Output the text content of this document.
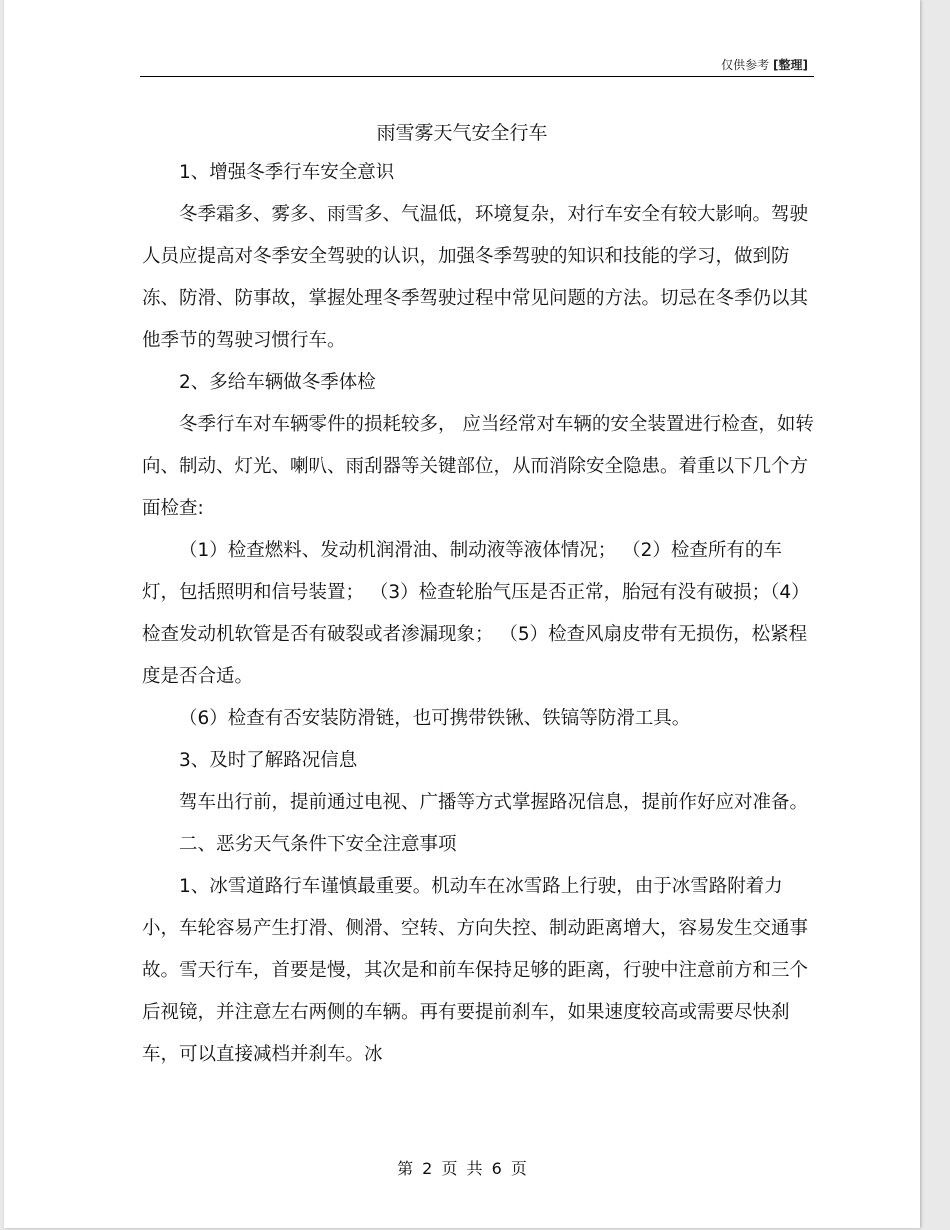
仅供参考 [整理]
雨雪雾天气安全行车

1、增强冬季行车安全意识

冬季霜多、雾多、雨雪多、气温低，环境复杂，对行车安全有较大影响。驾驶人员应提高对冬季安全驾驶的认识，加强冬季驾驶的知识和技能的学习，做到防冻、防滑、防事故，掌握处理冬季驾驶过程中常见问题的方法。切忌在冬季仍以其他季节的驾驶习惯行车。

2、多给车辆做冬季体检

冬季行车对车辆零件的损耗较多， 应当经常对车辆的安全装置进行检查，如转向、制动、灯光、喇叭、雨刮器等关键部位，从而消除安全隐患。着重以下几个方面检查:

（1）检查燃料、发动机润滑油、制动液等液体情况； （2）检查所有的车灯，包括照明和信号装置； （3）检查轮胎气压是否正常，胎冠有没有破损；（4）检查发动机软管是否有破裂或者渗漏现象； （5）检查风扇皮带有无损伤，松紧程度是否合适。

（6）检查有否安装防滑链，也可携带铁锹、铁镐等防滑工具。

3、及时了解路况信息

驾车出行前，提前通过电视、广播等方式掌握路况信息，提前作好应对准备。

二、恶劣天气条件下安全注意事项

1、冰雪道路行车谨慎最重要。机动车在冰雪路上行驶，由于冰雪路附着力小，车轮容易产生打滑、侧滑、空转、方向失控、制动距离增大，容易发生交通事故。雪天行车，首要是慢，其次是和前车保持足够的距离，行驶中注意前方和三个后视镜，并注意左右两侧的车辆。再有要提前刹车，如果速度较高或需要尽快刹车，可以直接减档并刹车。冰

第 2 页 共 6 页
